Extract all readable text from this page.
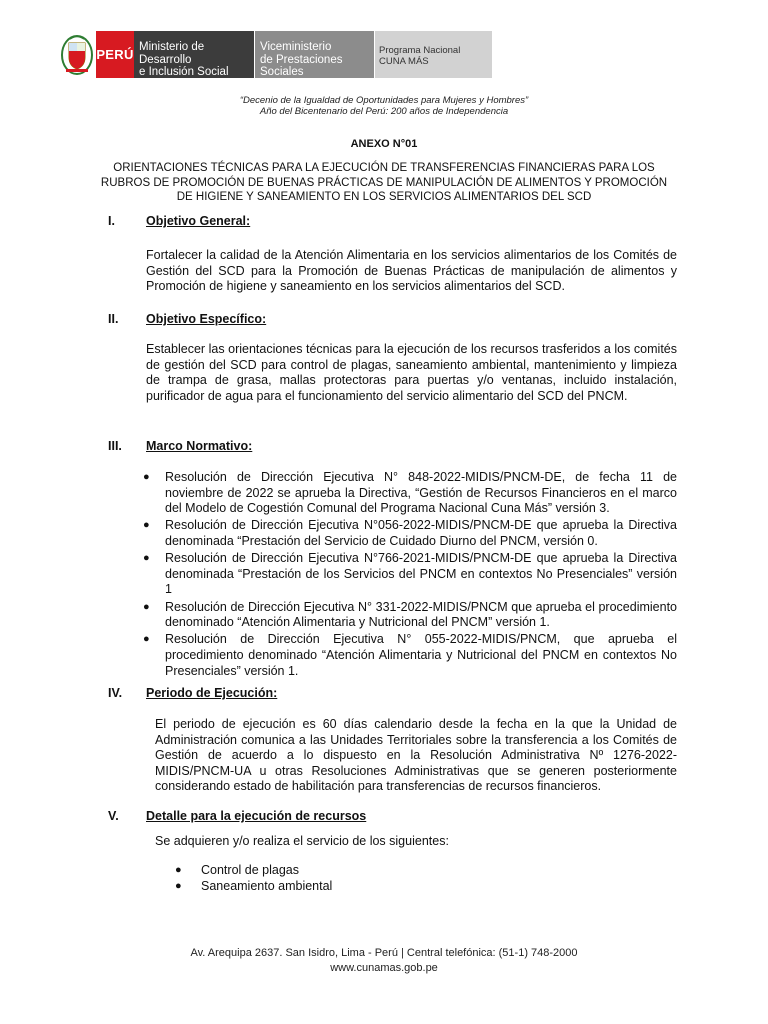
PERÚ Ministerio de Desarrollo
e Inclusión Social
Viceministerio
de Prestaciones Sociales
Programa Nacional
CUNA MÁS
“Decenio de la Igualdad de Oportunidades para Mujeres y Hombres”
Año del Bicentenario del Perú: 200 años de Independencia
ANEXO N°01
ORIENTACIONES TÉCNICAS PARA LA EJECUCIÓN DE TRANSFERENCIAS FINANCIERAS PARA LOS RUBROS DE PROMOCIÓN DE BUENAS PRÁCTICAS DE MANIPULACIÓN DE ALIMENTOS Y PROMOCIÓN DE HIGIENE Y SANEAMIENTO EN LOS SERVICIOS ALIMENTARIOS DEL SCD
I.	Objetivo General:
Fortalecer la calidad de la Atención Alimentaria en los servicios alimentarios de los Comités de Gestión del SCD para la Promoción de Buenas Prácticas de manipulación de alimentos y Promoción de higiene y saneamiento en los servicios alimentarios del SCD.
II.	Objetivo Específico:
Establecer las orientaciones técnicas para la ejecución de los recursos trasferidos a los comités de gestión del SCD para control de plagas, saneamiento ambiental, mantenimiento y limpieza de trampa de grasa, mallas protectoras para puertas y/o ventanas, incluido instalación, purificador de agua para el funcionamiento del servicio alimentario del SCD del PNCM.
III.	Marco Normativo:
●	Resolución de Dirección Ejecutiva N° 848-2022-MIDIS/PNCM-DE, de fecha 11 de noviembre de 2022 se aprueba la Directiva, “Gestión de Recursos Financieros en el marco del Modelo de Cogestión Comunal del Programa Nacional Cuna Más” versión 3.
●	Resolución de Dirección Ejecutiva N°056-2022-MIDIS/PNCM-DE que aprueba la Directiva denominada “Prestación del Servicio de Cuidado Diurno del PNCM, versión 0.
●	Resolución de Dirección Ejecutiva N°766-2021-MIDIS/PNCM-DE que aprueba la Directiva denominada “Prestación de los Servicios del PNCM en contextos No Presenciales” versión 1
●	Resolución de Dirección Ejecutiva N° 331-2022-MIDIS/PNCM que aprueba el procedimiento denominado “Atención Alimentaria y Nutricional del PNCM” versión 1.
●	Resolución de Dirección Ejecutiva N° 055-2022-MIDIS/PNCM, que aprueba el procedimiento denominado “Atención Alimentaria y Nutricional del PNCM en contextos No Presenciales” versión 1.
IV.	Periodo de Ejecución:
El periodo de ejecución es 60 días calendario desde la fecha en la que la Unidad de Administración comunica a las Unidades Territoriales sobre la transferencia a los Comités de Gestión de acuerdo a lo dispuesto en la Resolución Administrativa Nº 1276-2022-MIDIS/PNCM-UA u otras Resoluciones Administrativas que se generen posteriormente considerando estado de habilitación para transferencias de recursos financieros.
V.	Detalle para la ejecución de recursos
Se adquieren y/o realiza el servicio de los siguientes:
●	Control de plagas
●	Saneamiento ambiental
Av. Arequipa 2637. San Isidro, Lima - Perú | Central telefónica: (51-1) 748-2000
www.cunamas.gob.pe
